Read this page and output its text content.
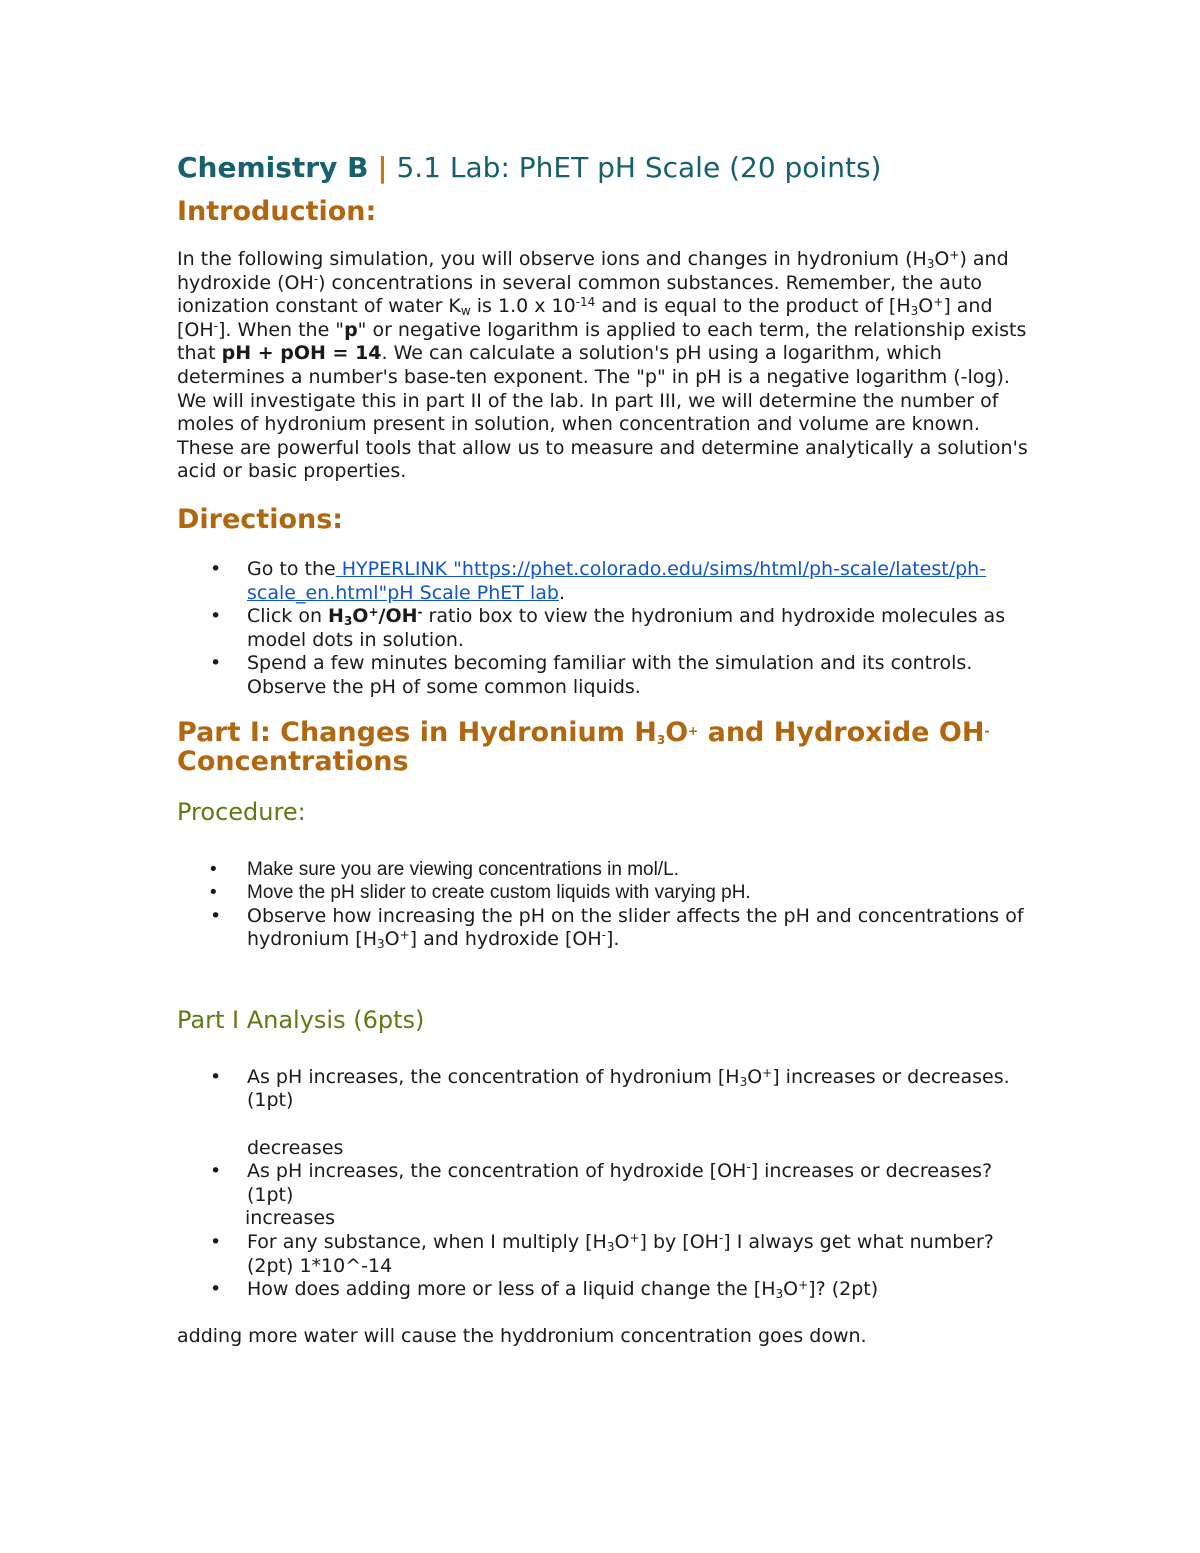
Chemistry B | 5.1 Lab: PhET pH Scale (20 points)
Introduction:

In the following simulation, you will observe ions and changes in hydronium $(H_3O^+)$ and hydroxide (OH-) concentrations in several common substances. Remember, the auto ionization constant of water $K_w$ is 1.0 x $10^{-14}$ and is equal to the product of $[H_3O^+]$ and [OH-]. When the "p" or negative logarithm is applied to each term, the relationship exists that pH + pOH = 14. We can calculate a solution's pH using a logarithm, which determines a number's base-ten exponent. The "p" in pH is a negative logarithm (-log). We will investigate this in part II of the lab. In part III, we will determine the number of moles of hydronium present in solution, when concentration and volume are known. These are powerful tools that allow us to measure and determine analytically a solution's acid or basic properties.

Directions:
• Go to the HYPERLINK "https://phet.colorado.edu/sims/html/ph-scale/latest/ph-scale_en.html"pH Scale PhET lab.
• Click on $H_3O^+/OH^-$ ratio box to view the hydronium and hydroxide molecules as model dots in solution.
• Spend a few minutes becoming familiar with the simulation and its controls. Observe the pH of some common liquids.
Part I: Changes in Hydronium $H_3O^+$ and Hydroxide OH- Concentrations
Procedure:
• Make sure you are viewing concentrations in mol/L.
• Move the pH slider to create custom liquids with varying pH.
• Observe how increasing the pH on the slider affects the pH and concentrations of hydronium $[H_3O^+]$ and hydroxide [OH-].
Part I Analysis (6pts)
• As pH increases, the concentration of hydronium $[H_3O^+]$ increases or decreases. (1pt)
decreases
• As pH increases, the concentration of hydroxide [OH-] increases or decreases? (1pt)
increases
• For any substance, when I multiply $[H_3O^+]$ by [OH-] I always get what number? (2pt) 1*10^-14
• How does adding more or less of a liquid change the $[H_3O^+]$? (2pt)

adding more water will cause the hyddronium concentration goes down.
